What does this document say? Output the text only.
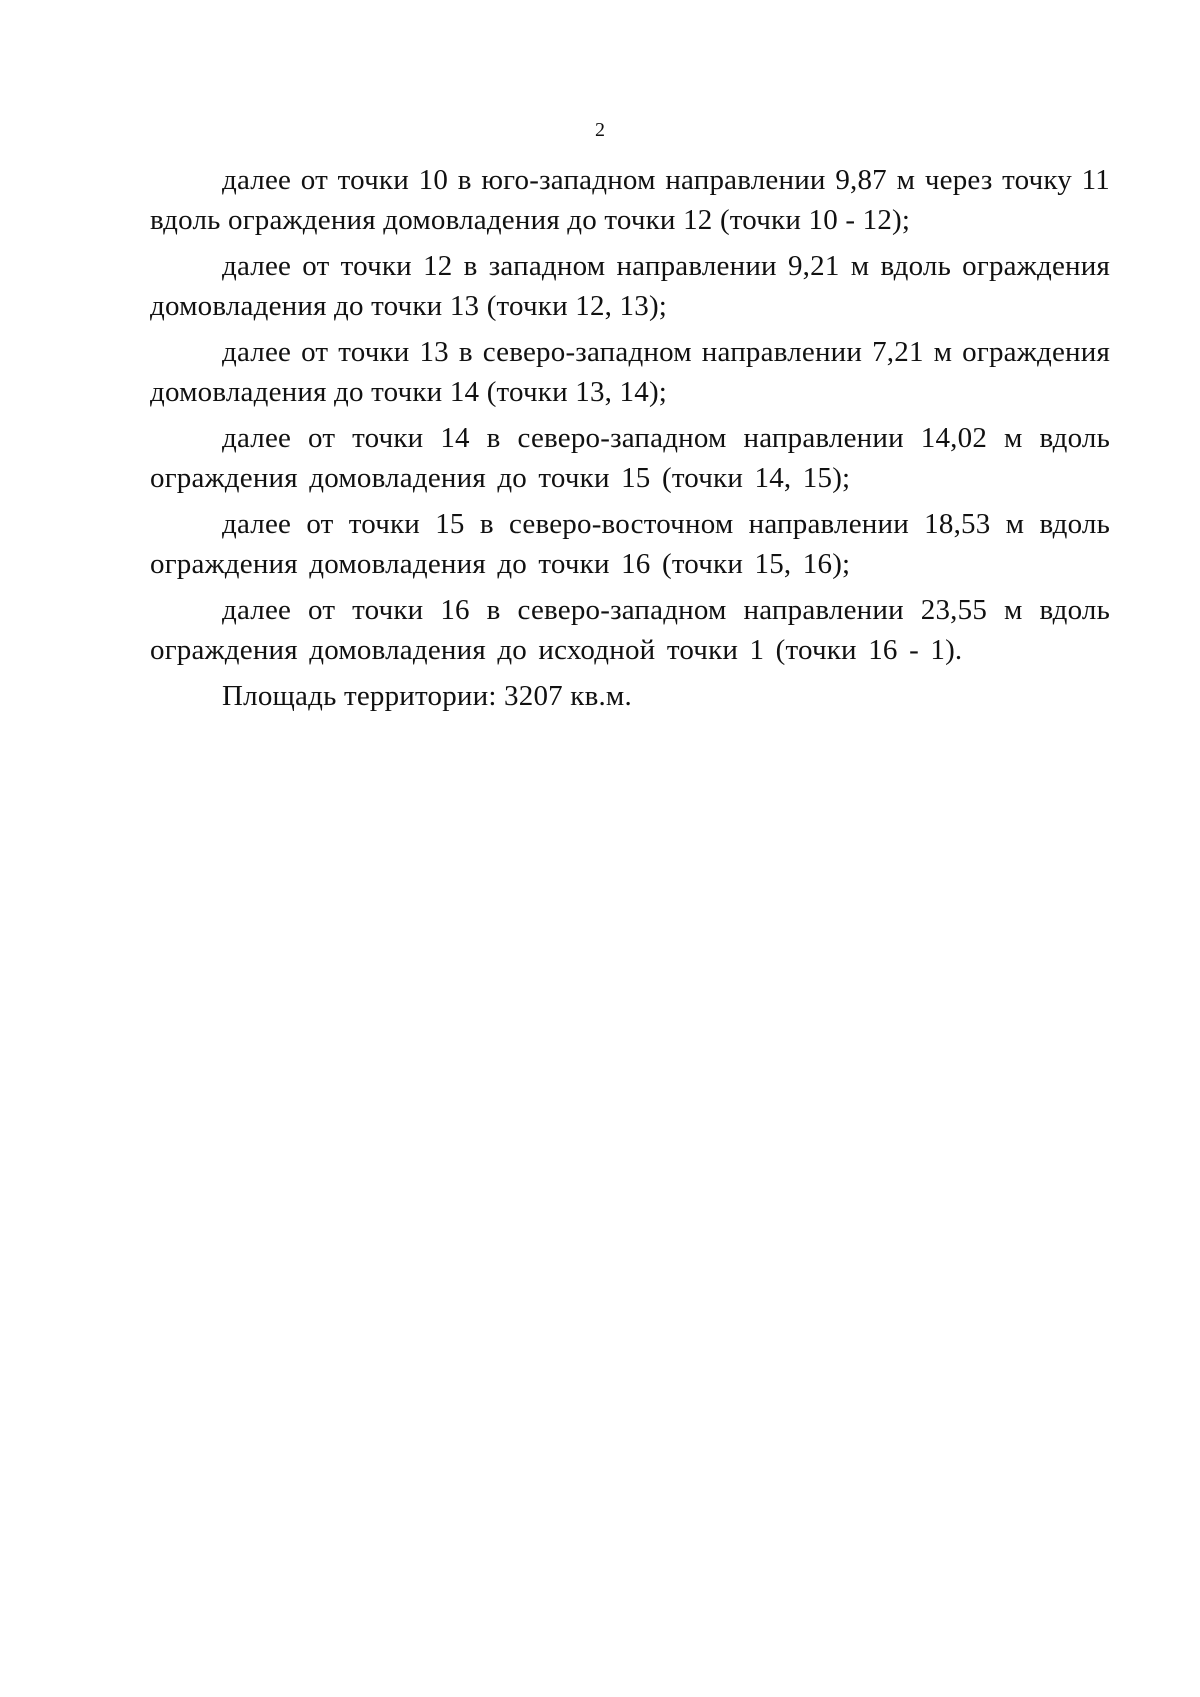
2

далее от точки 10 в юго-западном направлении 9,87 м через точку 11 вдоль ограждения домовладения до точки 12 (точки 10 - 12);

далее от точки 12 в западном направлении 9,21 м вдоль ограждения домовладения до точки 13 (точки 12, 13);

далее от точки 13 в северо-западном направлении 7,21 м ограждения домовладения до точки 14 (точки 13, 14);

далее от точки 14 в северо-западном направлении 14,02 м вдоль ограждения домовладения до точки 15 (точки 14, 15);

далее от точки 15 в северо-восточном направлении 18,53 м вдоль ограждения домовладения до точки 16 (точки 15, 16);

далее от точки 16 в северо-западном направлении 23,55 м вдоль ограждения домовладения до исходной точки 1 (точки 16 - 1).

Площадь территории: 3207 кв.м.
